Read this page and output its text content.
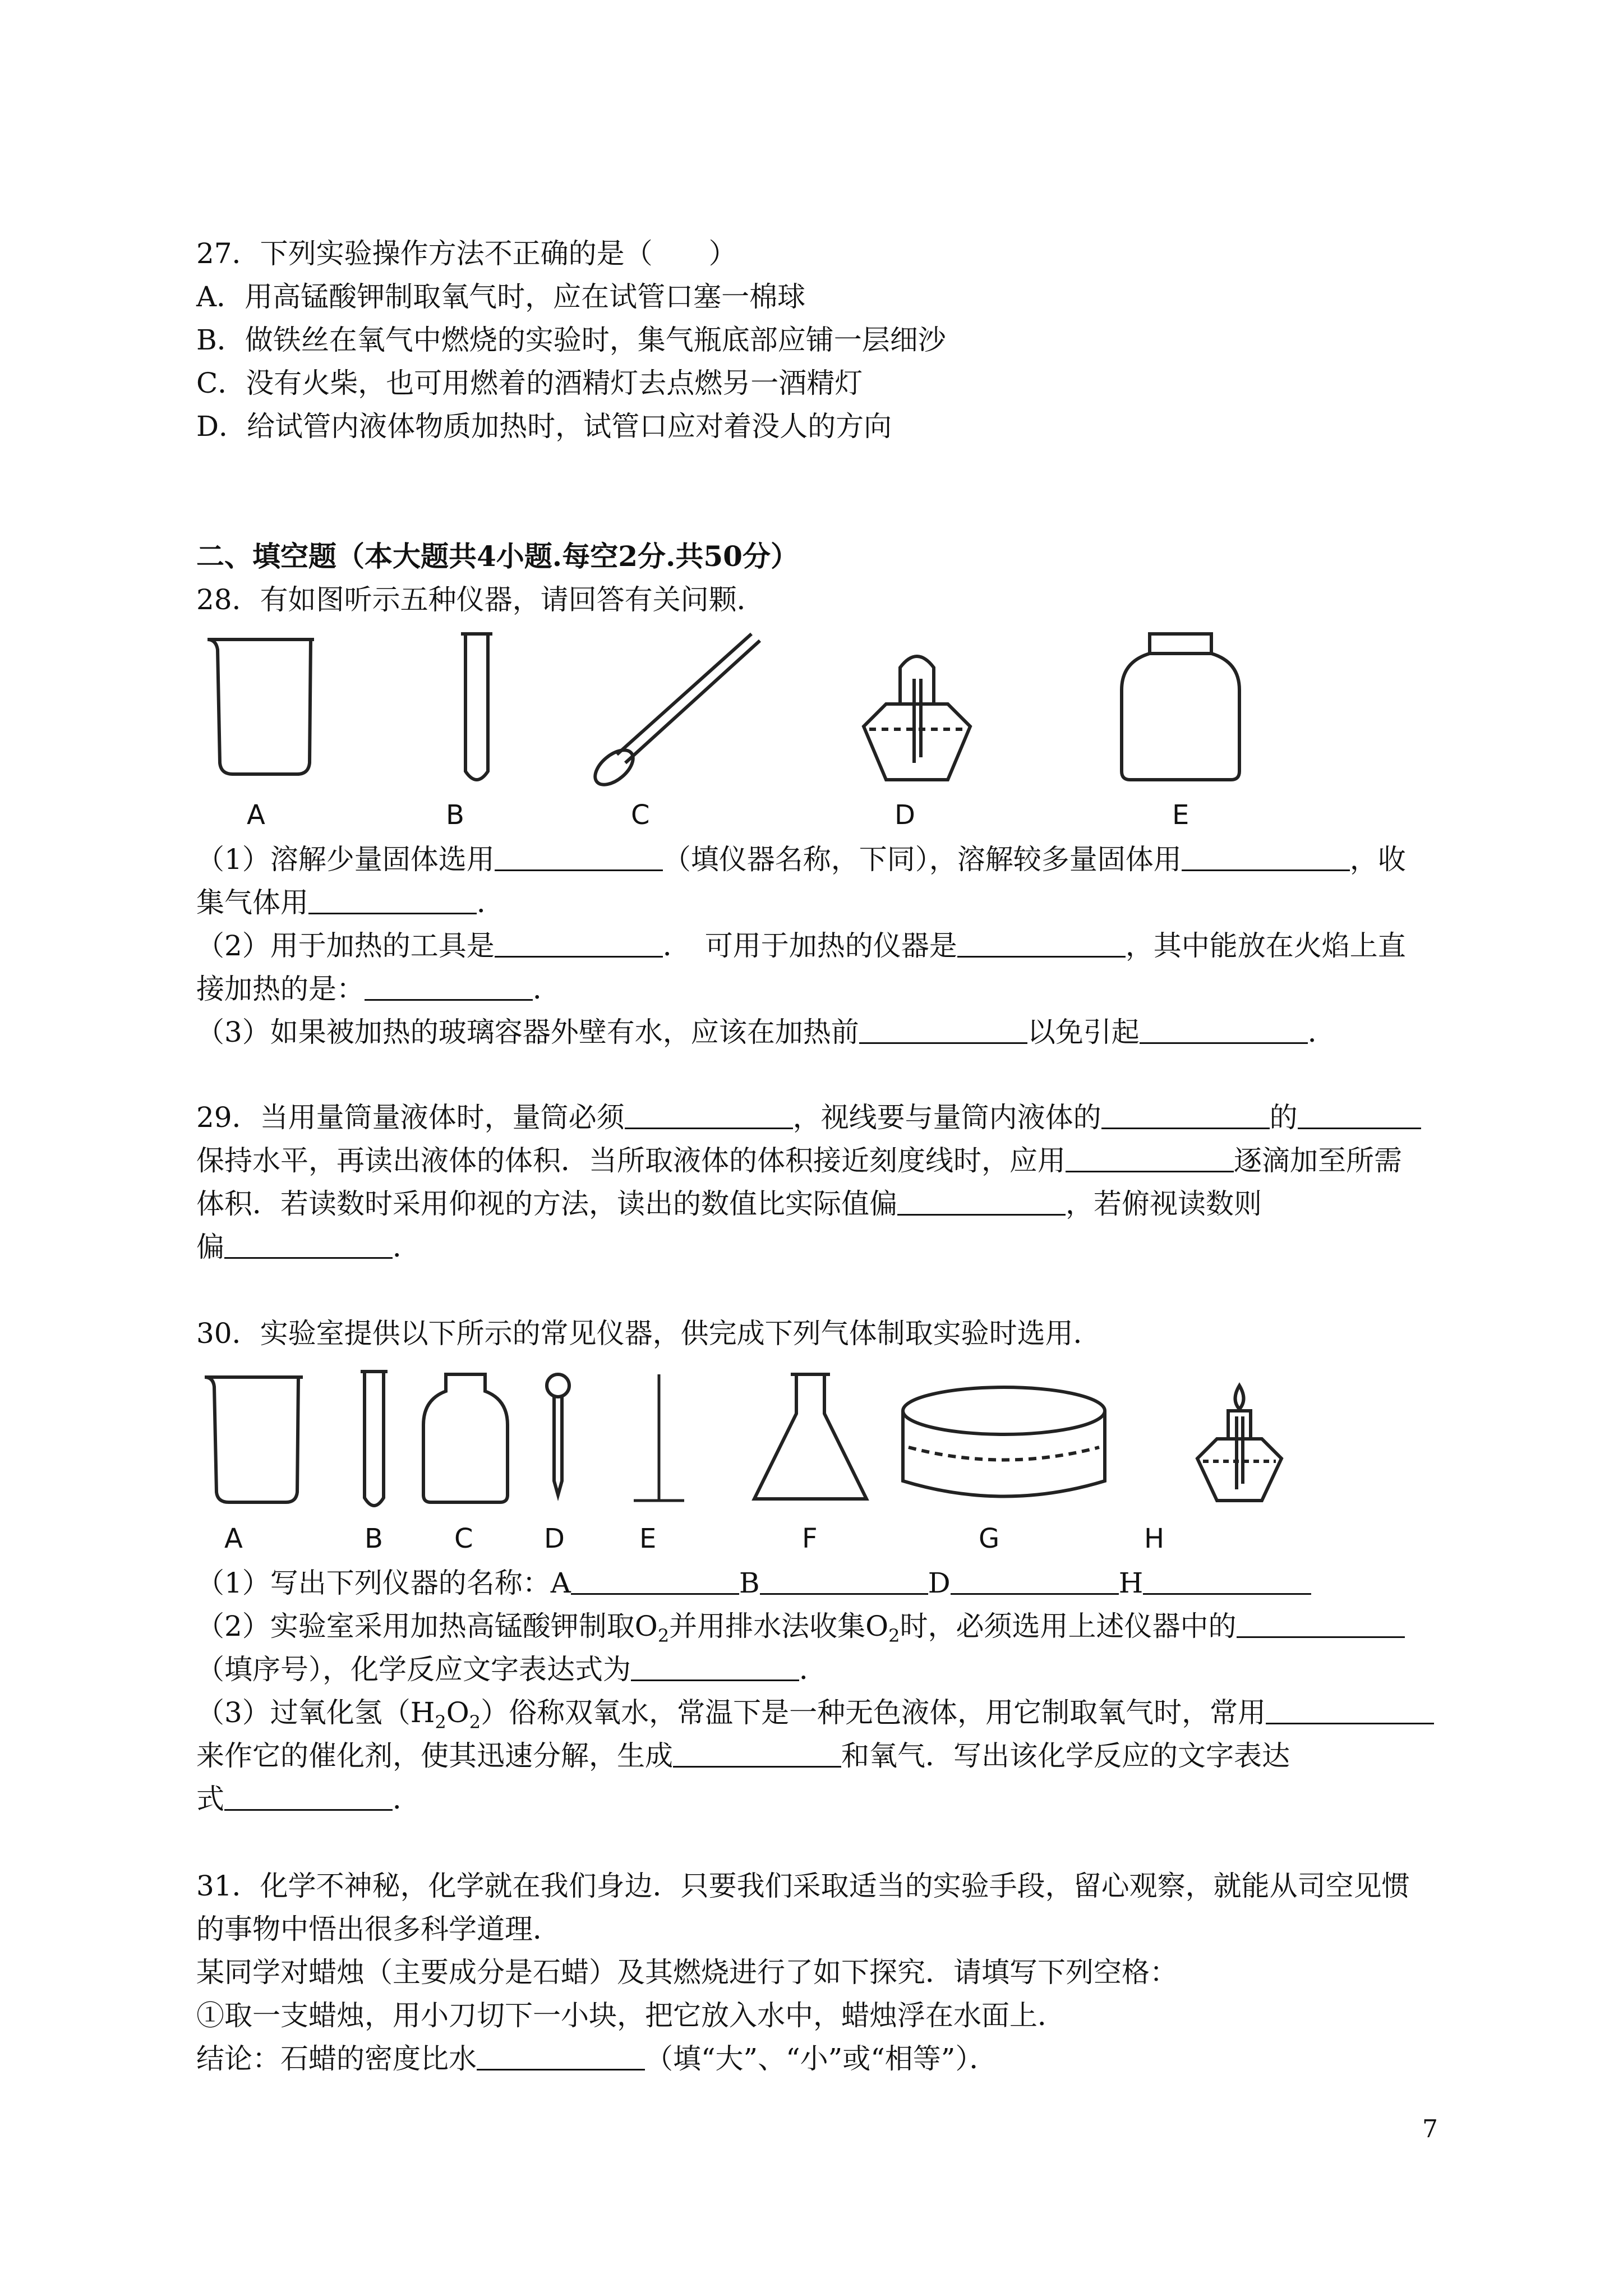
27．下列实验操作方法不正确的是（　　）
A．用高锰酸钾制取氧气时，应在试管口塞一棉球
B．做铁丝在氧气中燃烧的实验时，集气瓶底部应铺一层细沙
C．没有火柴，也可用燃着的酒精灯去点燃另一酒精灯
D．给试管内液体物质加热时，试管口应对着没人的方向
二、填空题（本大题共4小题.每空2分.共50分）
28．有如图听示五种仪器，请回答有关问颗．
A	B	C	D	E
（1）溶解少量固体选用	（填仪器名称，下同），溶解较多量固体用	，收
集气体用	．
（2）用于加热的工具是	．　可用于加热的仪器是	，其中能放在火焰上直
接加热的是：	．
（3）如果被加热的玻璃容器外壁有水，应该在加热前	以免引起	．
29．当用量筒量液体时，量筒必须	，视线要与量筒内液体的	的
保持水平，再读出液体的体积．当所取液体的体积接近刻度线时，应用	逐滴加至所需
体积．若读数时采用仰视的方法，读出的数值比实际值偏	，若俯视读数则
偏	．
30．实验室提供以下所示的常见仪器，供完成下列气体制取实验时选用．
A	B	C	D	E	F	G	H
（1）写出下列仪器的名称：A	B	D	H
（2）实验室采用加热高锰酸钾制取$O_2$并用排水法收集$O_2$时，必须选用上述仪器中的
（填序号），化学反应文字表达式为	．
（3）过氧化氢$(H_2O_2)$俗称双氧水，常温下是一种无色液体，用它制取氧气时，常用
来作它的催化剂，使其迅速分解，生成	和氧气．写出该化学反应的文字表达
式	．
31．化学不神秘，化学就在我们身边．只要我们采取适当的实验手段，留心观察，就能从司空见惯
的事物中悟出很多科学道理．
某同学对蜡烛（主要成分是石蜡）及其燃烧进行了如下探究．请填写下列空格：
①取一支蜡烛，用小刀切下一小块，把它放入水中，蜡烛浮在水面上．
结论：石蜡的密度比水	（填“大”、“小”或“相等”）．
7
